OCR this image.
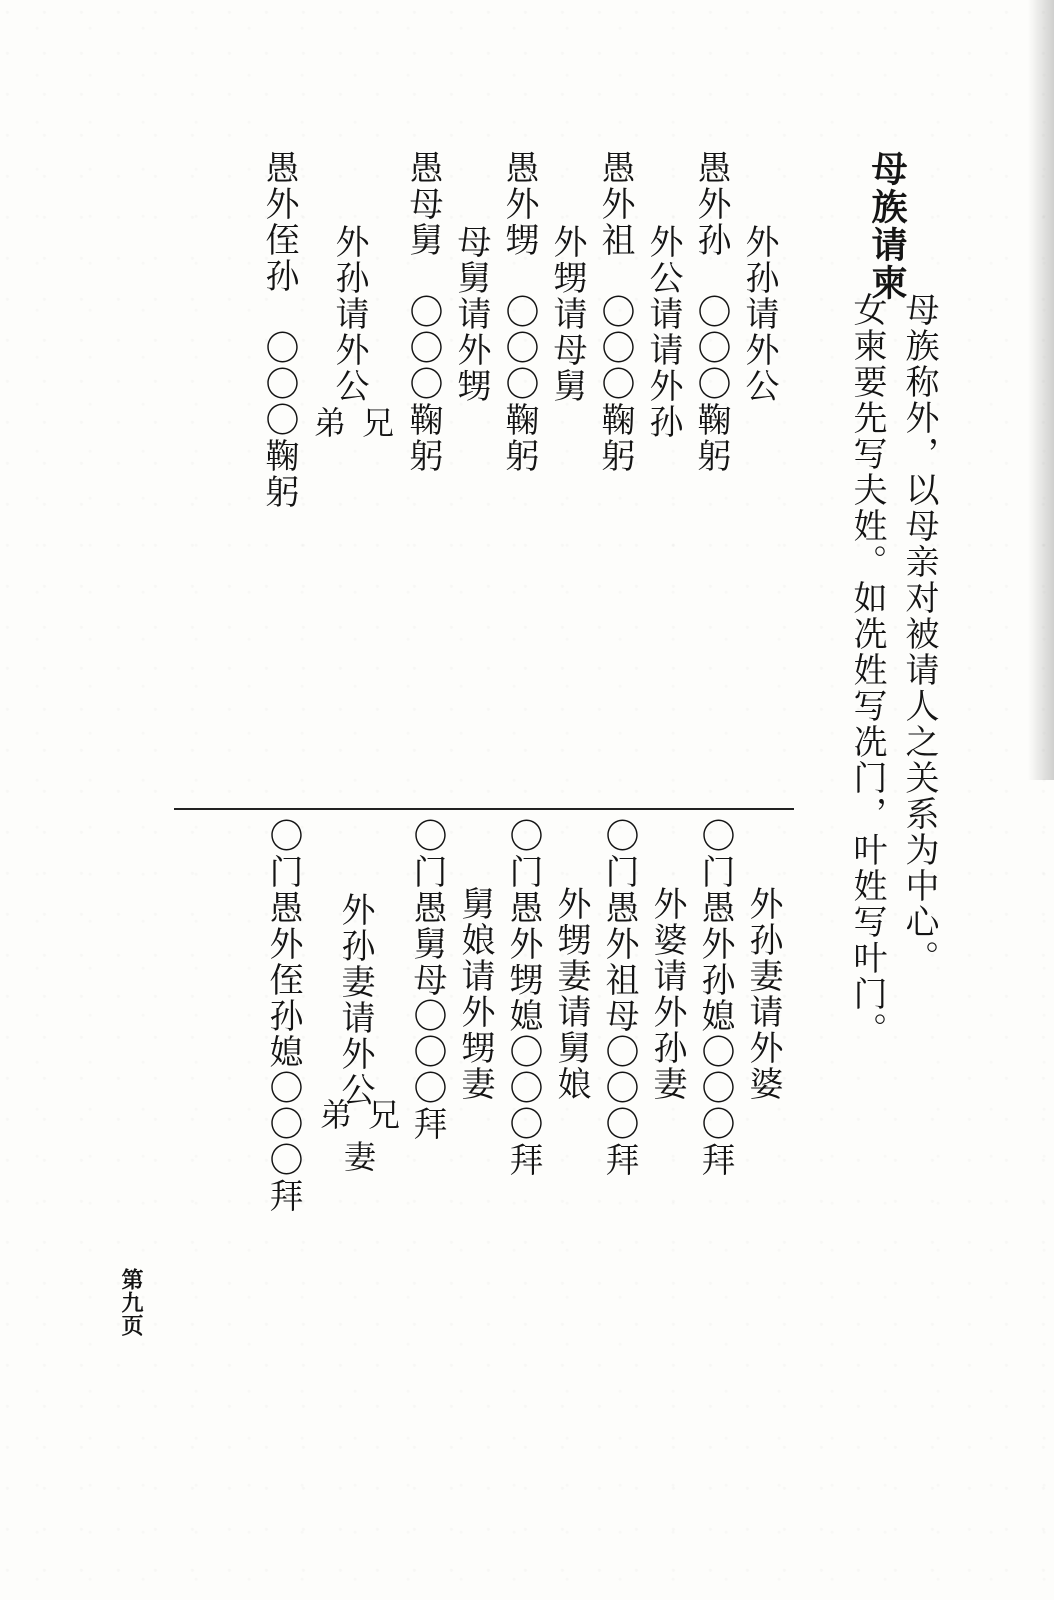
母族请柬
母族称外，以母亲对被请人之关系为中心。
女柬要先写夫姓。如冼姓写冼门，叶姓写叶门。
外孙请外公
愚外孙　〇〇〇鞠躬
外公请请外孙
愚外祖　〇〇〇鞠躬
外甥请母舅
愚外甥　〇〇〇鞠躬
母舅请外甥
愚母舅　〇〇〇鞠躬
外孙请外公
兄
弟
愚外侄孙　〇〇〇鞠躬
外孙妻请外婆
〇门愚外孙媳〇〇〇拜
外婆请外孙妻
〇门愚外祖母〇〇〇拜
外甥妻请舅娘
〇门愚外甥媳〇〇〇拜
舅娘请外甥妻
〇门愚舅母〇〇〇拜
外孙妻请外公
兄
弟
妻
〇门愚外侄孙媳〇〇〇拜
第九页
